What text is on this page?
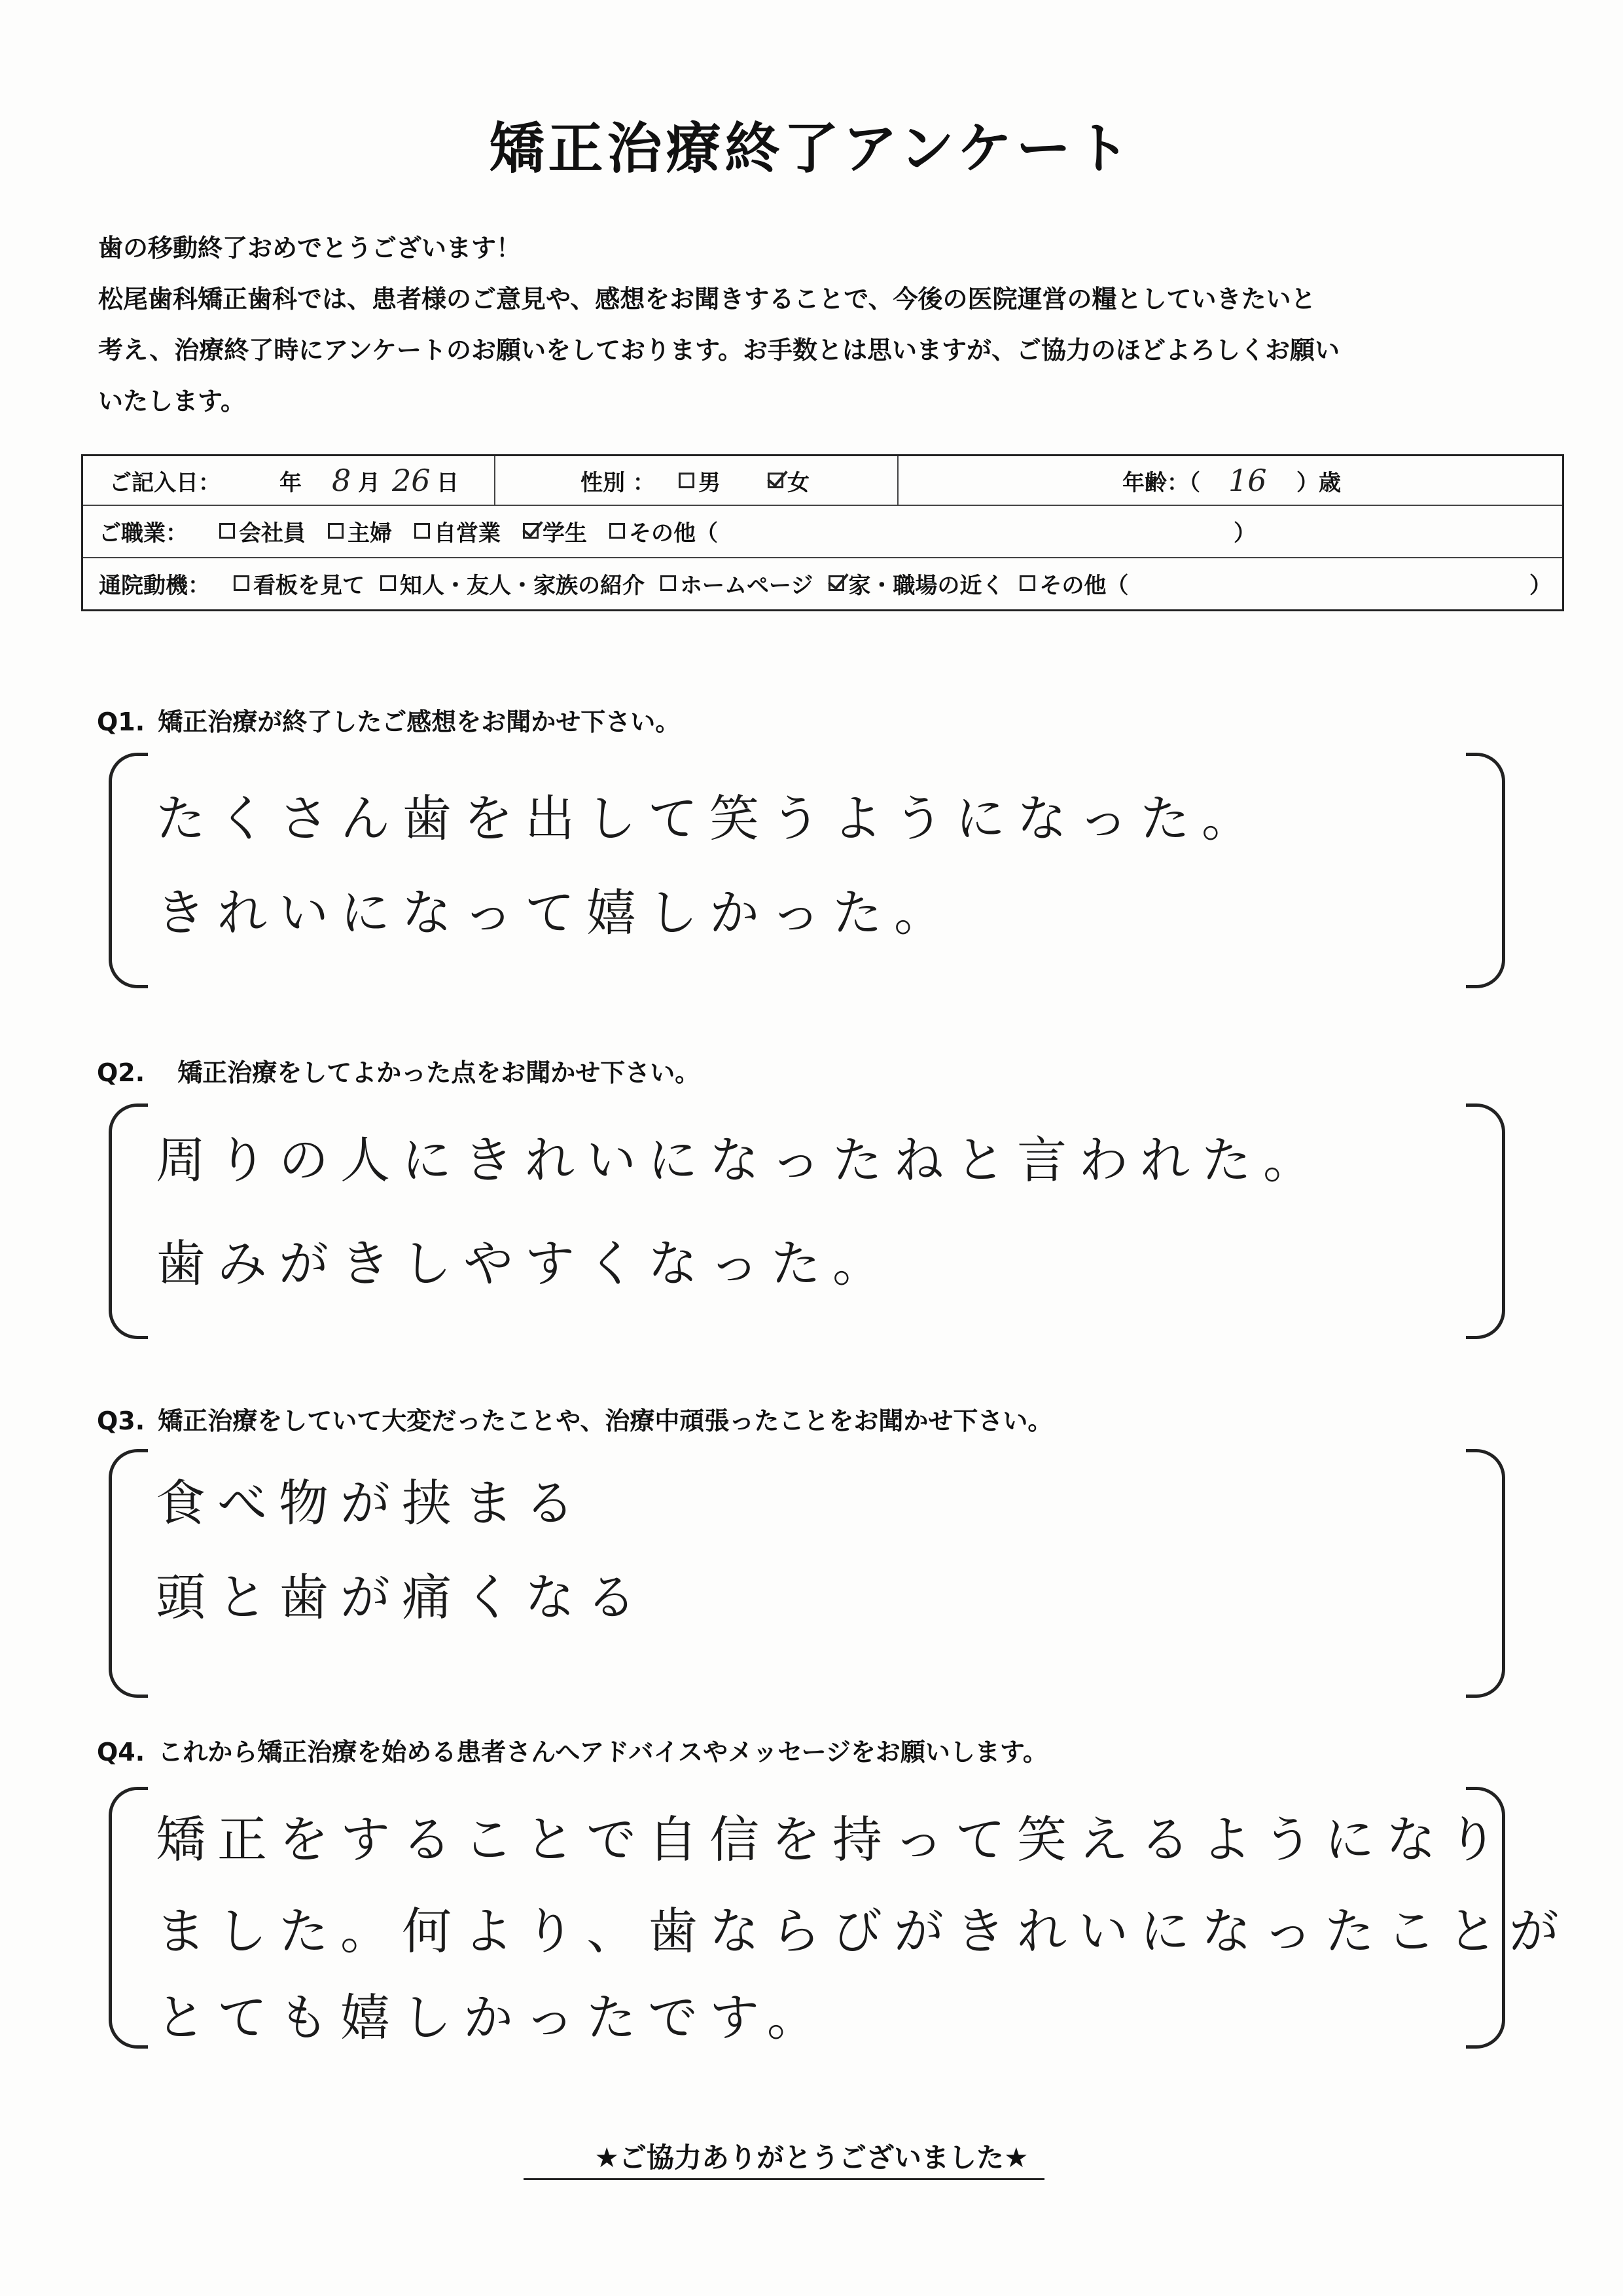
矯正治療終了アンケート
歯の移動終了おめでとうございます！
松尾歯科矯正歯科では、患者様のご意見や、感想をお聞きすることで、今後の医院運営の糧としていきたいと
考え、治療終了時にアンケートのお願いをしております。お手数とは思いますが、ご協力のほどよろしくお願い
いたします。
ご記入日：	年 8 月 26 日	性別 ： 男	女	年齢：（ 16 ）歳
ご職業： 会社員 主婦 自営業 学生 その他（	）
通院動機： 看板を見て 知人・友人・家族の紹介 ホームページ 家・職場の近く その他（	）
Q1. 矯正治療が終了したご感想をお聞かせ下さい。
たくさん歯を出して笑うようになった。
きれいになって嬉しかった。
Q2. 矯正治療をしてよかった点をお聞かせ下さい。
周りの人にきれいになったねと言われた。
歯みがきしやすくなった。
Q3. 矯正治療をしていて大変だったことや、治療中頑張ったことをお聞かせ下さい。
食べ物が挟まる
頭と歯が痛くなる
Q4. これから矯正治療を始める患者さんへアドバイスやメッセージをお願いします。
矯正をすることで自信を持って笑えるようになり
ました。何より、歯ならびがきれいになったことが
とても嬉しかったです。
★ご協力ありがとうございました★
